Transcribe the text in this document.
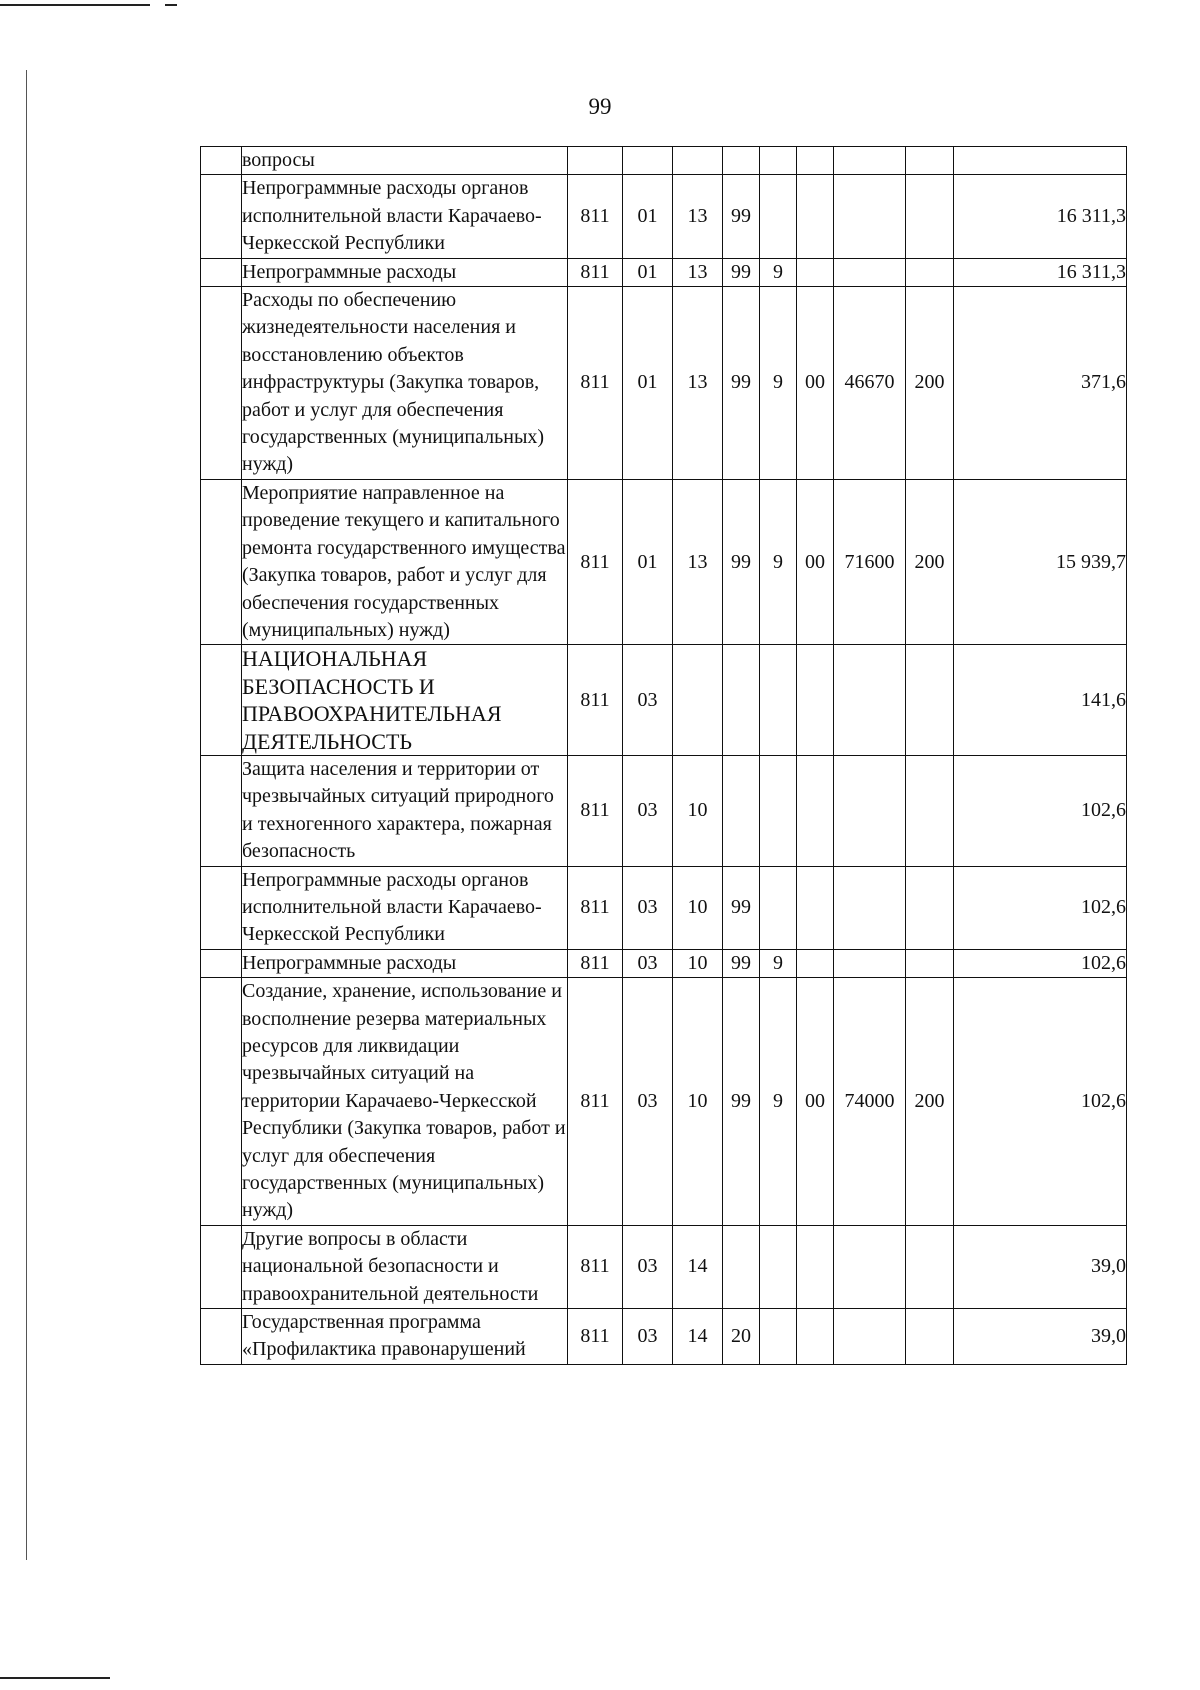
99
	вопросы									
	Непрограммные расходы органов исполнительной власти Карачаево-Черкесской Республики	811	01	13	99					16 311,3
	Непрограммные расходы	811	01	13	99	9				16 311,3
	Расходы по обеспечению жизнедеятельности населения и восстановлению объектов инфраструктуры (Закупка товаров, работ и услуг для обеспечения государственных (муниципальных) нужд)	811	01	13	99	9	00	46670	200	371,6
	Мероприятие направленное на проведение текущего и капитального ремонта государственного имущества (Закупка товаров, работ и услуг для обеспечения государственных (муниципальных) нужд)	811	01	13	99	9	00	71600	200	15 939,7
	НАЦИОНАЛЬНАЯ БЕЗОПАСНОСТЬ И ПРАВООХРАНИТЕЛЬНАЯ ДЕЯТЕЛЬНОСТЬ	811	03							141,6
	Защита населения и территории от чрезвычайных ситуаций природного и техногенного характера, пожарная безопасность	811	03	10						102,6
	Непрограммные расходы органов исполнительной власти Карачаево-Черкесской Республики	811	03	10	99					102,6
	Непрограммные расходы	811	03	10	99	9				102,6
	Создание, хранение, использование и восполнение резерва материальных ресурсов для ликвидации чрезвычайных ситуаций на территории Карачаево-Черкесской Республики (Закупка товаров, работ и услуг для обеспечения государственных (муниципальных) нужд)	811	03	10	99	9	00	74000	200	102,6
	Другие вопросы в области национальной безопасности и правоохранительной деятельности	811	03	14						39,0
	Государственная программа «Профилактика правонарушений	811	03	14	20					39,0
